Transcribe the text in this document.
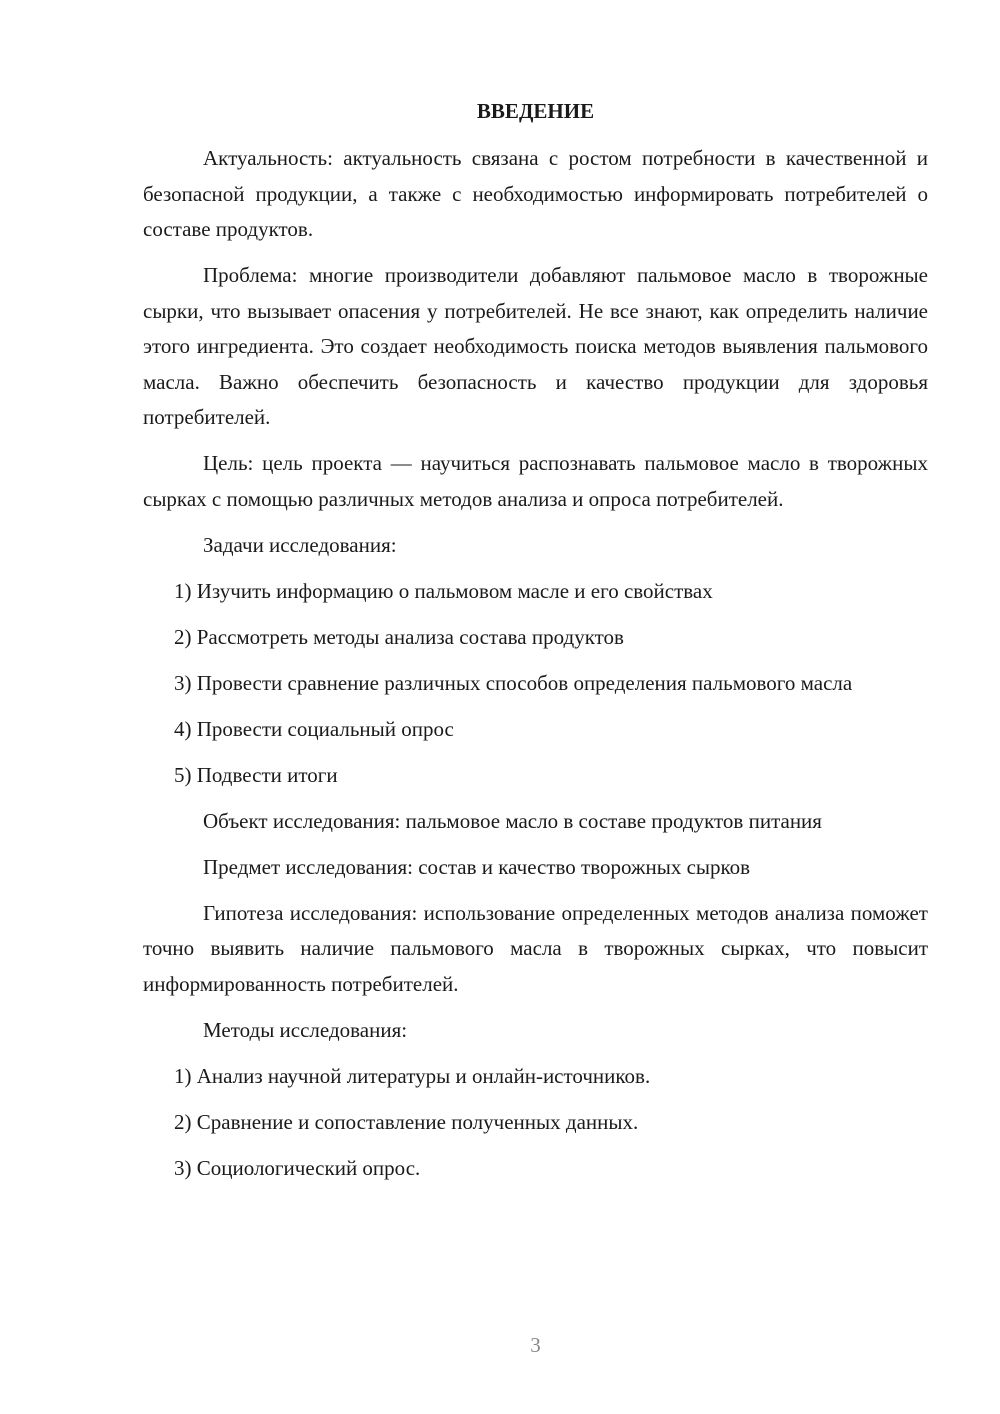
ВВЕДЕНИЕ

Актуальность: актуальность связана с ростом потребности в качественной и безопасной продукции, а также с необходимостью информировать потребителей о составе продуктов.

Проблема: многие производители добавляют пальмовое масло в творожные сырки, что вызывает опасения у потребителей. Не все знают, как определить наличие этого ингредиента. Это создает необходимость поиска методов выявления пальмового масла. Важно обеспечить безопасность и качество продукции для здоровья потребителей.

Цель: цель проекта — научиться распознавать пальмовое масло в творожных сырках с помощью различных методов анализа и опроса потребителей.

Задачи исследования:

1) Изучить информацию о пальмовом масле и его свойствах

2) Рассмотреть методы анализа состава продуктов

3) Провести сравнение различных способов определения пальмового масла

4) Провести социальный опрос

5) Подвести итоги

Объект исследования: пальмовое масло в составе продуктов питания

Предмет исследования: состав и качество творожных сырков

Гипотеза исследования: использование определенных методов анализа поможет точно выявить наличие пальмового масла в творожных сырках, что повысит информированность потребителей.

Методы исследования:

1) Анализ научной литературы и онлайн-источников.

2) Сравнение и сопоставление полученных данных.

3) Социологический опрос.

3
